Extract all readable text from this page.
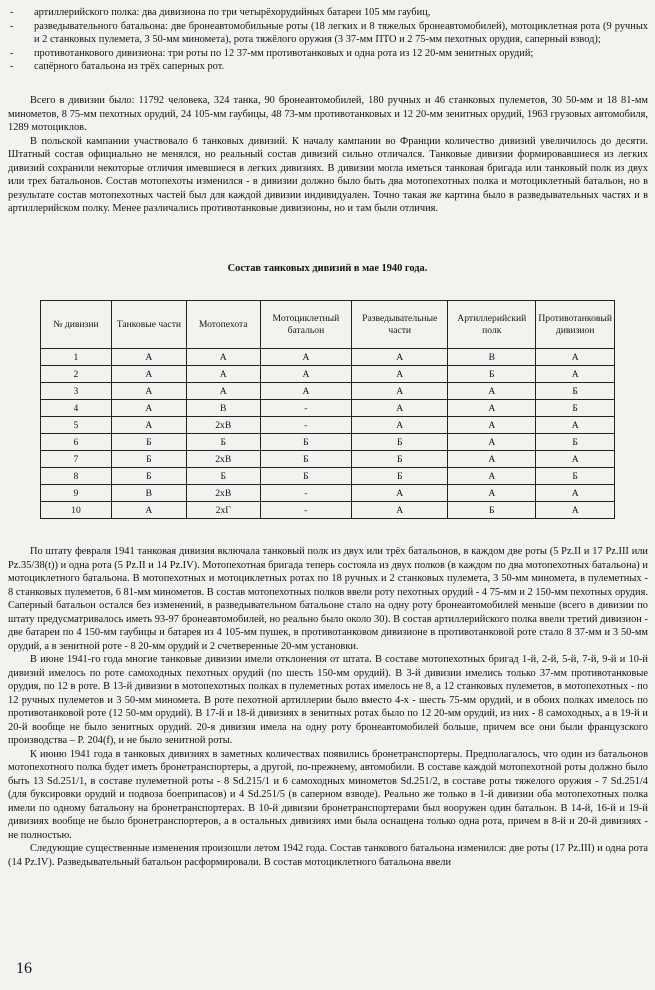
- артиллерийского полка: два дивизиона по три четырёхорудийных батареи 105 мм гаубиц,
- разведывательного батальона: две бронеавтомобильные роты (18 легких и 8 тяжелых бронеавтомобилей), мотоциклетная рота (9 ручных и 2 станковых пулемета, 3 50-мм миномета), рота тяжёлого оружия (3 37-мм ПТО и 2 75-мм пехотных орудия, саперный взвод);
- противотанкового дивизиона: три роты по 12 37-мм противотанковых и одна рота из 12 20-мм зенитных орудий;
- сапёрного батальона из трёх саперных рот.

Всего в дивизии было: 11792 человека, 324 танка, 90 бронеавтомобилей, 180 ручных и 46 станковых пулеметов, 30 50-мм и 18 81-мм минометов, 8 75-мм пехотных орудий, 24 105-мм гаубицы, 48 73-мм противотанковых и 12 20-мм зенитных орудий, 1963 грузовых автомобиля, 1289 мотоциклов.

В польской кампании участвовало 6 танковых дивизий. К началу кампании во Франции количество дивизий увеличилось до десяти. Штатный состав официально не менялся, но реальный состав дивизий сильно отличался. Танковые дивизии формировавшиеся из легких дивизий сохранили некоторые отличия имевшиеся в легких дивизиях. В дивизии могла иметься танковая бригада или танковый полк из двух или трех батальонов. Состав мотопехоты изменился - в дивизии должно было быть два мотопехотных полка и мотоциклетный батальон, но в результате состав мотопехотных частей был для каждой дивизии индивидуален. Точно такая же картина было в разведывательных частях и в артиллерийском полку. Менее различались противотанковые дивизионы, но и там были отличия.

Состав танковых дивизий в мае 1940 года.
№ дивизии	Танковые части	Мотопехота	Мотоциклетный батальон	Разведывательные части	Артиллерийский полк	Противотанковый дивизион
1	А	А	А	А	В	А
2	А	А	А	А	Б	А
3	А	А	А	А	А	Б
4	А	В	-	А	А	Б
5	А	2хВ	-	А	А	А
6	Б	Б	Б	Б	А	Б
7	Б	2хВ	Б	Б	А	А
8	Б	Б	Б	Б	А	Б
9	В	2хВ	-	А	А	А
10	А	2хГ	-	А	Б	А

По штату февраля 1941 танковая дивизия включала танковый полк из двух или трёх батальонов, в каждом две роты (5 Pz.II и 17 Pz.III или Pz.35/38(t)) и одна рота (5 Pz.II и 14 Pz.IV). Мотопехотная бригада теперь состояла из двух полков (в каждом по два мотопехотных батальона) и мотоциклетного батальона. В мотопехотных и мотоциклетных ротах по 18 ручных и 2 станковых пулемета, 3 50-мм миномета, в пулеметных - 8 станковых пулеметов, 6 81-мм минометов. В состав мотопехотных полков ввели роту пехотных орудий - 4 75-мм и 2 150-мм пехотных орудия. Саперный батальон остался без изменений, в разведывательном батальоне стало на одну роту бронеавтомобилей меньше (всего в дивизии по штату предусматривалось иметь 93-97 бронеавтомобилей, но реально было около 30). В состав артиллерийского полка ввели третий дивизион - две батареи по 4 150-мм гаубицы и батарея из 4 105-мм пушек, в противотанковом дивизионе в противотанковой роте стало 8 37-мм и 3 50-мм орудий, а в зенитной роте - 8 20-мм орудий и 2 счетверенные 20-мм установки.

В июне 1941-го года многие танковые дивизии имели отклонения от штата. В составе мотопехотных бригад 1-й, 2-й, 5-й, 7-й, 9-й и 10-й дивизий имелось по роте самоходных пехотных орудий (по шесть 150-мм орудий). В 3-й дивизии имелись только 37-мм противотанковые орудия, по 12 в роте. В 13-й дивизии в мотопехотных полках в пулеметных ротах имелось не 8, а 12 станковых пулеметов, в мотопехотных - по 12 ручных пулеметов и 3 50-мм миномета. В роте пехотной артиллерии было вместо 4-х - шесть 75-мм орудий, и в обоих полках имелось по противотанковой роте (12 50-мм орудий). В 17-й и 18-й дивизиях в зенитных ротах было по 12 20-мм орудий, из них - 8 самоходных, а в 19-й и 20-й вообще не было зенитных орудий. 20-я дивизия имела на одну роту бронеавтомобилей больше, причем все они были французского производства – P. 204(f), и не было зенитной роты.

К июню 1941 года в танковых дивизиях в заметных количествах появились бронетранспортеры. Предполагалось, что один из батальонов мотопехотного полка будет иметь бронетранспортеры, а другой, по-прежнему, автомобили. В составе каждой мотопехотной роты должно было быть 13 Sd.251/1, в составе пулеметной роты - 8 Sd.215/1 и 6 самоходных минометов Sd.251/2, в составе роты тяжелого оружия - 7 Sd.251/4 (для буксировки орудий и подвоза боеприпасов) и 4 Sd.251/5 (в саперном взводе). Реально же только в 1-й дивизии оба мотопехотных полка имели по одному батальону на бронетранспортерах. В 10-й дивизии бронетранспортерами был вооружен один батальон. В 14-й, 16-й и 19-й дивизиях вообще не было бронетранспортеров, а в остальных дивизиях ими была оснащена только одна рота, причем в 8-й и 20-й дивизиях - не полностью.

Следующие существенные изменения произошли летом 1942 года. Состав танкового батальона изменился: две роты (17 Pz.III) и одна рота (14 Pz.IV). Разведывательный батальон расформировали. В состав мотоциклетного батальона ввели

16
